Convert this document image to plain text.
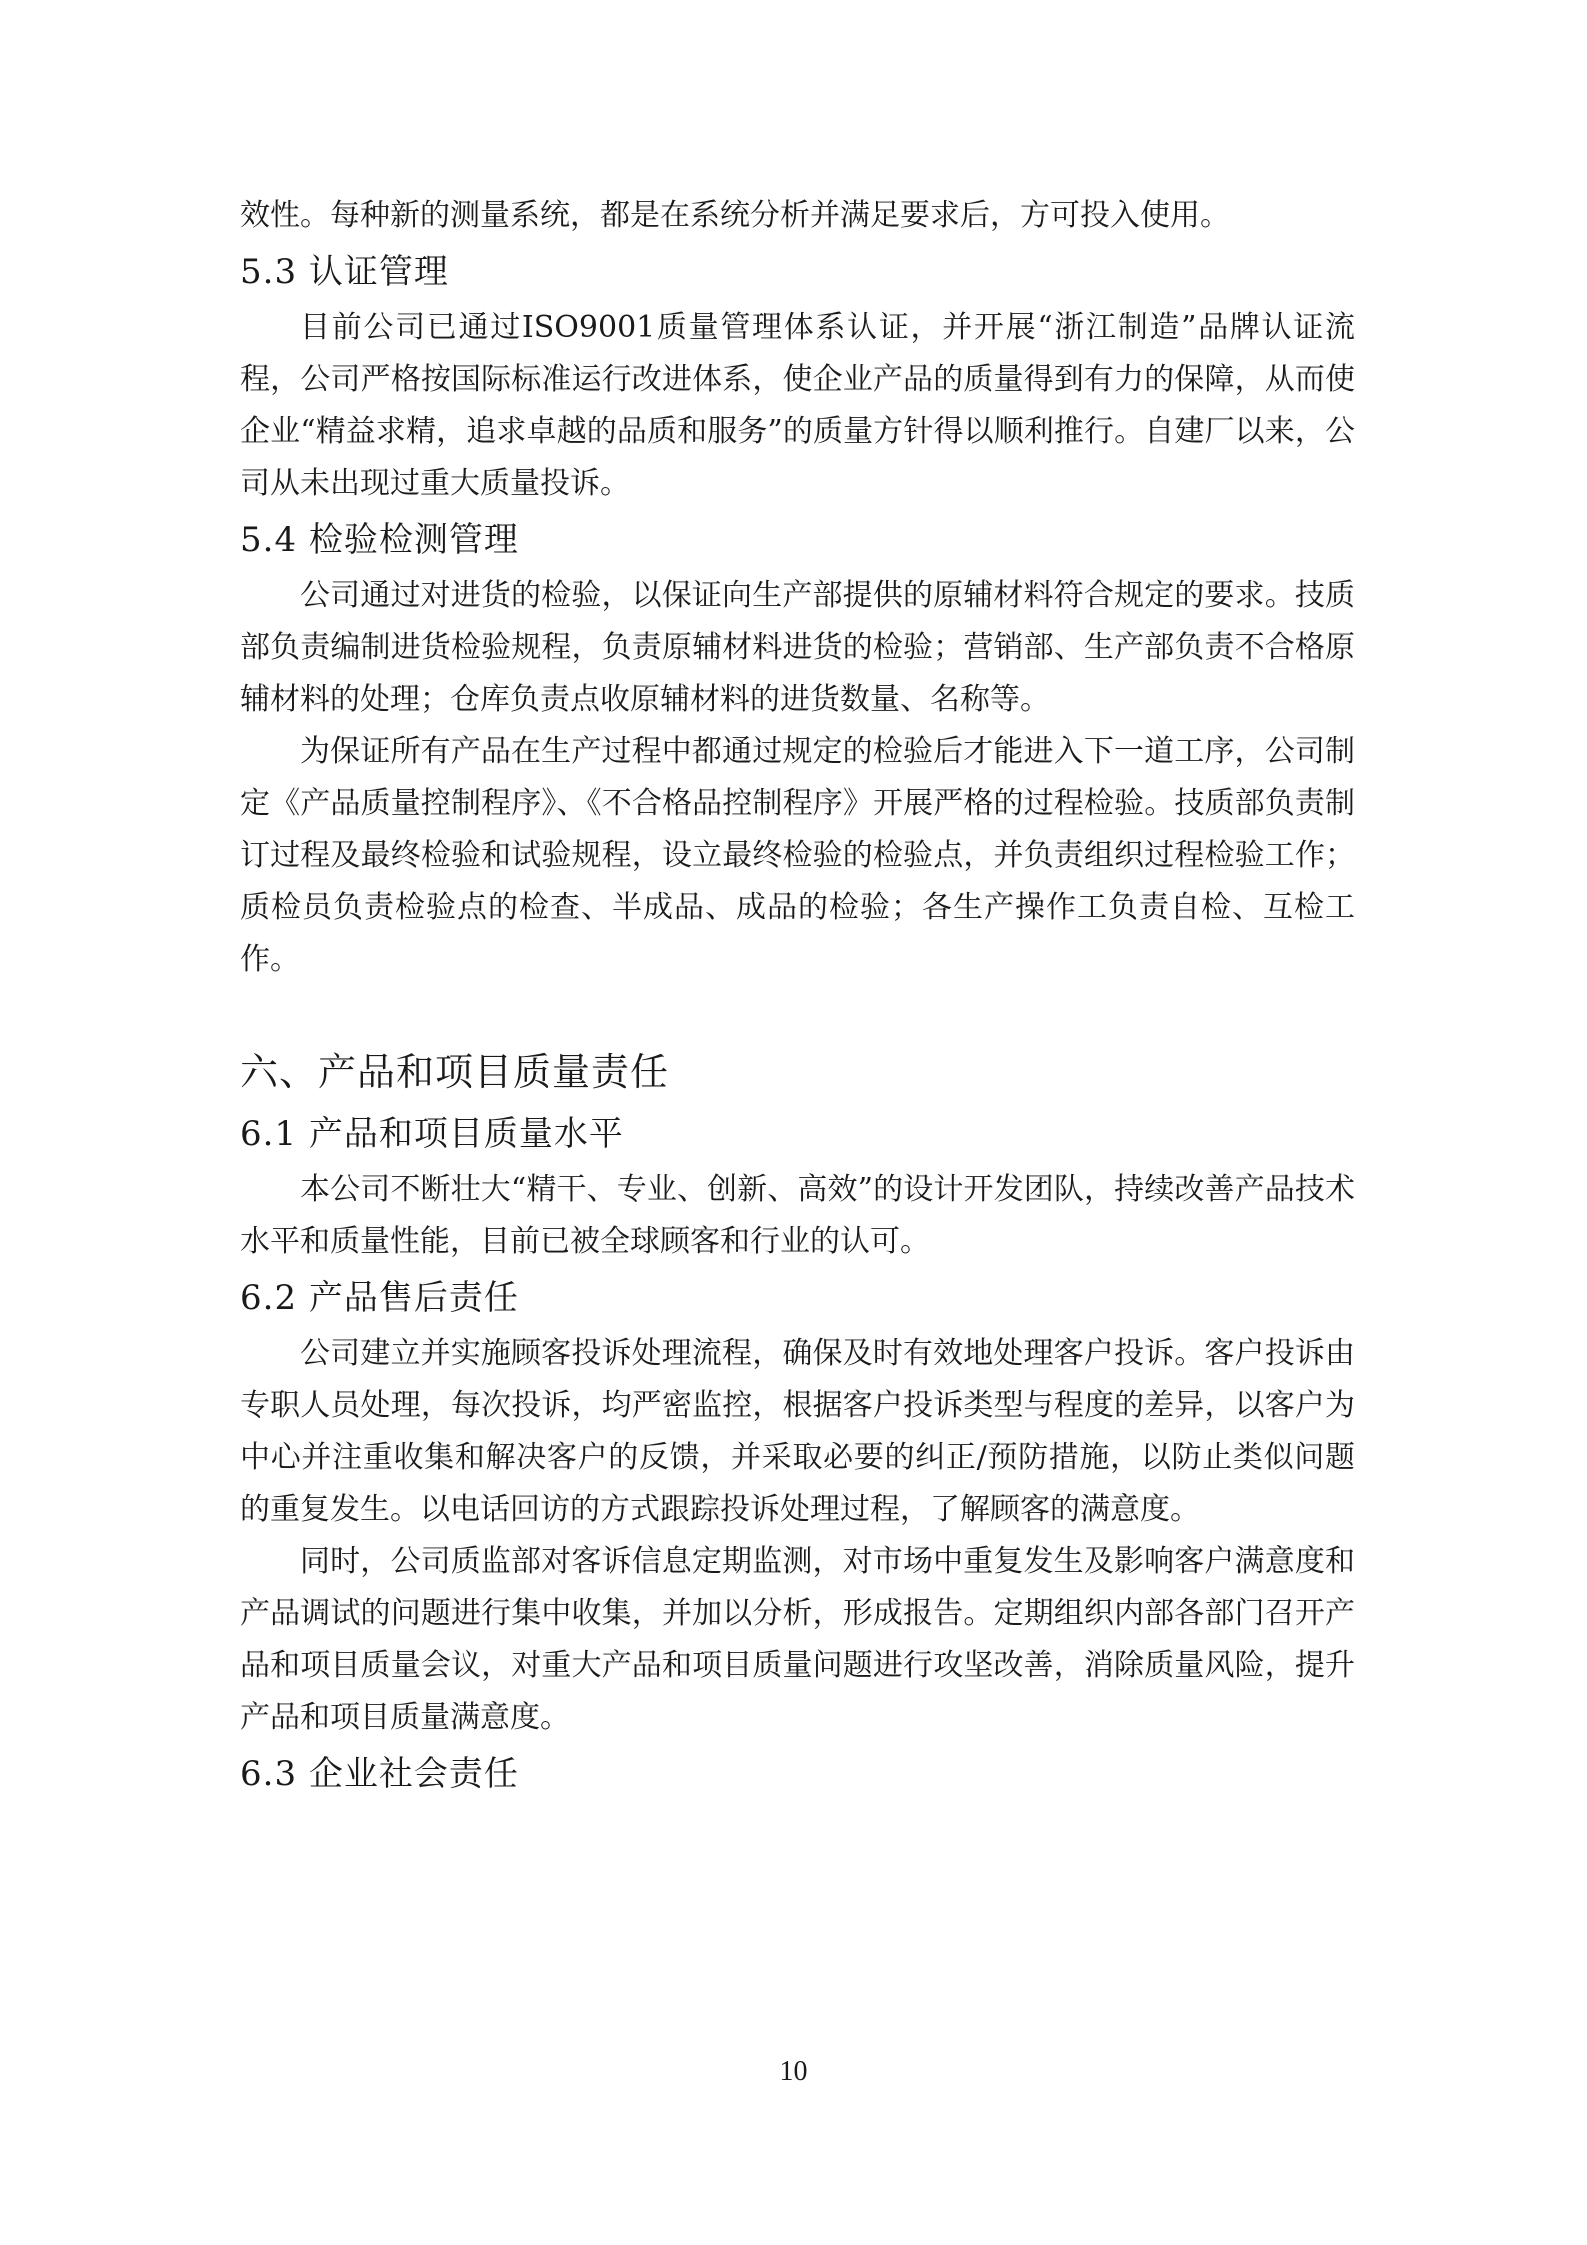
效性。每种新的测量系统，都是在系统分析并满足要求后，方可投入使用。

5.3 认证管理

目前公司已通过ISO9001质量管理体系认证，并开展“浙江制造”品牌认证流程，公司严格按国际标准运行改进体系，使企业产品的质量得到有力的保障，从而使企业“精益求精，追求卓越的品质和服务”的质量方针得以顺利推行。自建厂以来，公司从未出现过重大质量投诉。

5.4 检验检测管理

公司通过对进货的检验，以保证向生产部提供的原辅材料符合规定的要求。技质部负责编制进货检验规程，负责原辅材料进货的检验；营销部、生产部负责不合格原辅材料的处理；仓库负责点收原辅材料的进货数量、名称等。

为保证所有产品在生产过程中都通过规定的检验后才能进入下一道工序，公司制定《产品质量控制程序》、《不合格品控制程序》开展严格的过程检验。技质部负责制订过程及最终检验和试验规程，设立最终检验的检验点，并负责组织过程检验工作；质检员负责检验点的检查、半成品、成品的检验；各生产操作工负责自检、互检工作。

六、产品和项目质量责任
6.1 产品和项目质量水平

本公司不断壮大“精干、专业、创新、高效”的设计开发团队，持续改善产品技术水平和质量性能，目前已被全球顾客和行业的认可。

6.2 产品售后责任

公司建立并实施顾客投诉处理流程，确保及时有效地处理客户投诉。客户投诉由专职人员处理，每次投诉，均严密监控，根据客户投诉类型与程度的差异，以客户为中心并注重收集和解决客户的反馈，并采取必要的纠正/预防措施，以防止类似问题的重复发生。以电话回访的方式跟踪投诉处理过程，了解顾客的满意度。

同时，公司质监部对客诉信息定期监测，对市场中重复发生及影响客户满意度和产品调试的问题进行集中收集，并加以分析，形成报告。定期组织内部各部门召开产品和项目质量会议，对重大产品和项目质量问题进行攻坚改善，消除质量风险，提升产品和项目质量满意度。

6.3 企业社会责任
10
